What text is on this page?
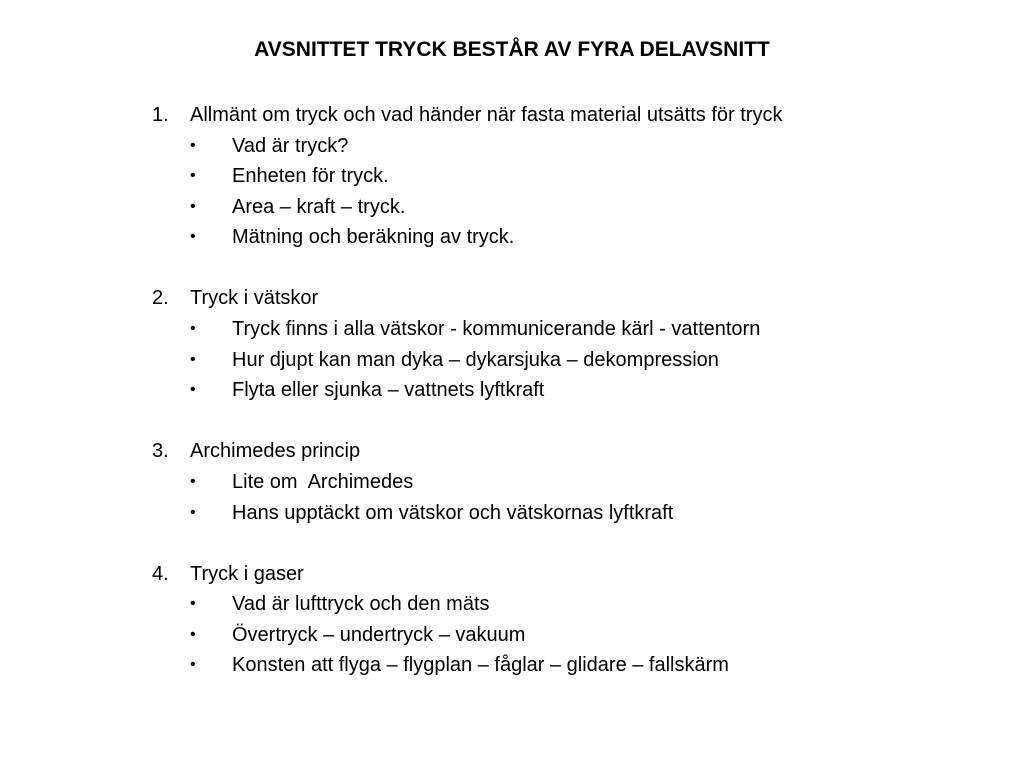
AVSNITTET TRYCK BESTÅR AV FYRA DELAVSNITT
1. Allmänt om tryck och vad händer när fasta material utsätts för tryck
• Vad är tryck?
• Enheten för tryck.
• Area – kraft – tryck.
• Mätning och beräkning av tryck.
2. Tryck i vätskor
• Tryck finns i alla vätskor - kommunicerande kärl - vattentorn
• Hur djupt kan man dyka – dykarsjuka – dekompression
• Flyta eller sjunka – vattnets lyftkraft
3. Archimedes princip
• Lite om  Archimedes
• Hans upptäckt om vätskor och vätskornas lyftkraft
4. Tryck i gaser
• Vad är lufttryck och den mäts
• Övertryck – undertryck – vakuum
• Konsten att flyga – flygplan – fåglar – glidare – fallskärm
